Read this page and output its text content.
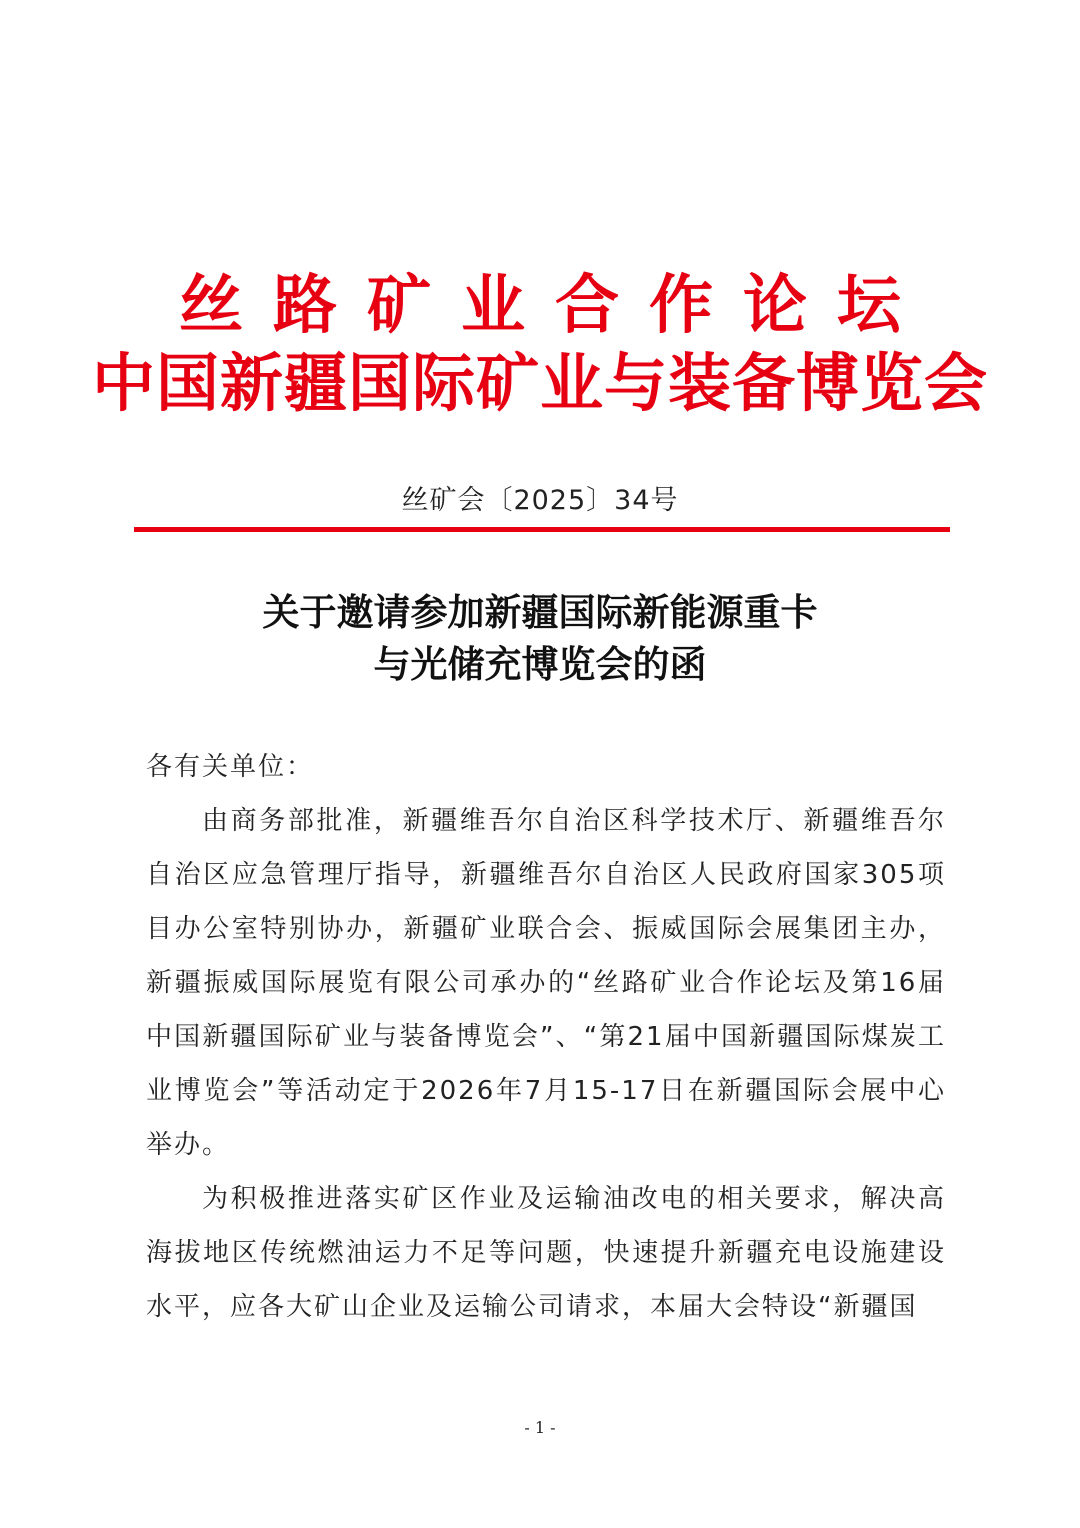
丝路矿业合作论坛
中国新疆国际矿业与装备博览会
丝矿会〔2025〕34号
关于邀请参加新疆国际新能源重卡
与光储充博览会的函
各有关单位：
由商务部批准，新疆维吾尔自治区科学技术厅、新疆维吾尔自治区应急管理厅指导，新疆维吾尔自治区人民政府国家305项目办公室特别协办，新疆矿业联合会、振威国际会展集团主办，新疆振威国际展览有限公司承办的“丝路矿业合作论坛及第16届中国新疆国际矿业与装备博览会”、“第21届中国新疆国际煤炭工业博览会”等活动定于2026年7月15-17日在新疆国际会展中心举办。
为积极推进落实矿区作业及运输油改电的相关要求，解决高海拔地区传统燃油运力不足等问题，快速提升新疆充电设施建设水平，应各大矿山企业及运输公司请求，本届大会特设“新疆国
- 1 -
